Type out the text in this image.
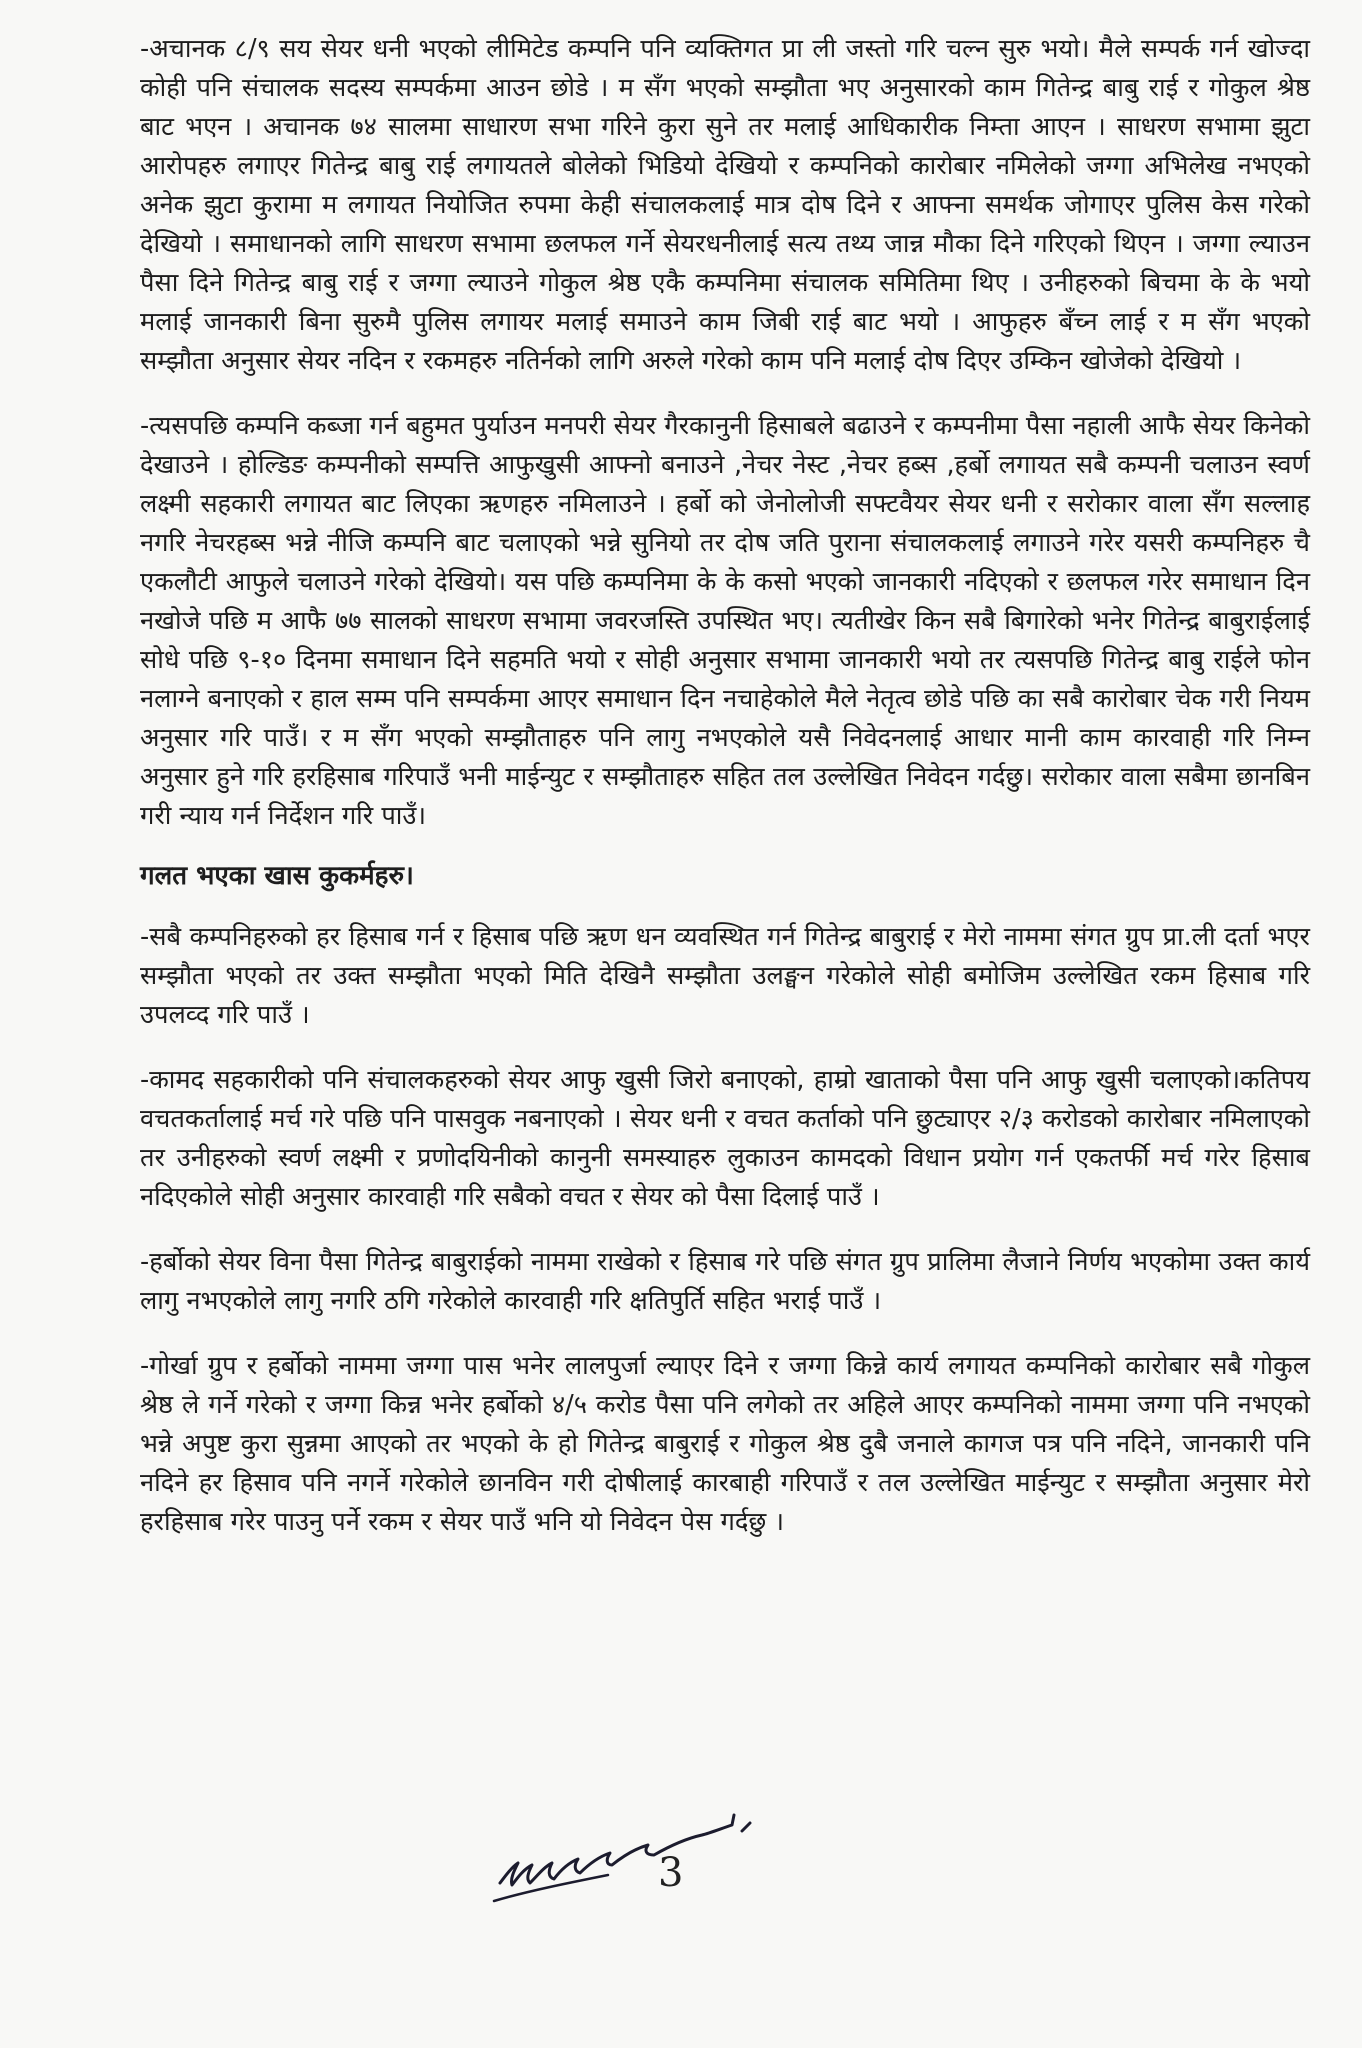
-अचानक ८/९ सय सेयर धनी भएको लीमिटेड कम्पनि पनि व्यक्तिगत प्रा ली जस्तो गरि चल्न सुरु भयो। मैले सम्पर्क गर्न खोज्दा कोही पनि संचालक सदस्य सम्पर्कमा आउन छोडे । म सँग भएको सम्झौता भए अनुसारको काम गितेन्द्र बाबु राई र गोकुल श्रेष्ठ बाट भएन । अचानक ७४ सालमा साधारण सभा गरिने कुरा सुने तर मलाई आधिकारीक निम्ता आएन । साधरण सभामा झुटा आरोपहरु लगाएर गितेन्द्र बाबु राई लगायतले बोलेको भिडियो देखियो र कम्पनिको कारोबार नमिलेको जग्गा अभिलेख नभएको अनेक झुटा कुरामा म लगायत नियोजित रुपमा केही संचालकलाई मात्र दोष दिने र आफ्ना समर्थक जोगाएर पुलिस केस गरेको देखियो । समाधानको लागि साधरण सभामा छलफल गर्ने सेयरधनीलाई सत्य तथ्य जान्न मौका दिने गरिएको थिएन । जग्गा ल्याउन पैसा दिने गितेन्द्र बाबु राई र जग्गा ल्याउने गोकुल श्रेष्ठ एकै कम्पनिमा संचालक समितिमा थिए । उनीहरुको बिचमा के के भयो मलाई जानकारी बिना सुरुमै पुलिस लगायर मलाई समाउने काम जिबी राई बाट भयो । आफुहरु बँच्न लाई र म सँग भएको सम्झौता अनुसार सेयर नदिन र रकमहरु नतिर्नको लागि अरुले गरेको काम पनि मलाई दोष दिएर उम्किन खोजेको देखियो ।

-त्यसपछि कम्पनि कब्जा गर्न बहुमत पुर्याउन मनपरी सेयर गैरकानुनी हिसाबले बढाउने र कम्पनीमा पैसा नहाली आफै सेयर किनेको देखाउने । होल्डिङ कम्पनीको सम्पत्ति आफुखुसी आफ्नो बनाउने ,नेचर नेस्ट ,नेचर हब्स ,हर्बो लगायत सबै कम्पनी चलाउन स्वर्ण लक्ष्मी सहकारी लगायत बाट लिएका ऋणहरु नमिलाउने । हर्बो को जेनोलोजी सफ्टवैयर सेयर धनी र सरोकार वाला सँग सल्लाह नगरि नेचरहब्स भन्ने नीजि कम्पनि बाट चलाएको भन्ने सुनियो तर दोष जति पुराना संचालकलाई लगाउने गरेर यसरी कम्पनिहरु चै एकलौटी आफुले चलाउने गरेको देखियो। यस पछि कम्पनिमा के के कसो भएको जानकारी नदिएको र छलफल गरेर समाधान दिन नखोजे पछि म आफै ७७ सालको साधरण सभामा जवरजस्ति उपस्थित भए। त्यतीखेर किन सबै बिगारेको भनेर गितेन्द्र बाबुराईलाई सोधे पछि ९-१० दिनमा समाधान दिने सहमति भयो र सोही अनुसार सभामा जानकारी भयो तर त्यसपछि गितेन्द्र बाबु राईले फोन नलाग्ने बनाएको र हाल सम्म पनि सम्पर्कमा आएर समाधान दिन नचाहेकोले मैले नेतृत्व छोडे पछि का सबै कारोबार चेक गरी नियम अनुसार गरि पाउँ। र म सँग भएको सम्झौताहरु पनि लागु नभएकोले यसै निवेदनलाई आधार मानी काम कारवाही गरि निम्न अनुसार हुने गरि हरहिसाब गरिपाउँ भनी माईन्युट र सम्झौताहरु सहित तल उल्लेखित निवेदन गर्दछु। सरोकार वाला सबैमा छानबिन गरी न्याय गर्न निर्देशन गरि पाउँ।

गलत भएका खास कुकर्महरु।

-सबै कम्पनिहरुको हर हिसाब गर्न र हिसाब पछि ऋण धन व्यवस्थित गर्न गितेन्द्र बाबुराई र मेरो नाममा संगत ग्रुप प्रा.ली दर्ता भएर सम्झौता भएको तर उक्त सम्झौता भएको मिति देखिनै सम्झौता उलङ्घन गरेकोले सोही बमोजिम उल्लेखित रकम हिसाब गरि उपलव्द गरि पाउँ ।

-कामद सहकारीको पनि संचालकहरुको सेयर आफु खुसी जिरो बनाएको, हाम्रो खाताको पैसा पनि आफु खुसी चलाएको।कतिपय वचतकर्तालाई मर्च गरे पछि पनि पासवुक नबनाएको । सेयर धनी र वचत कर्ताको पनि छुट्याएर २/३ करोडको कारोबार नमिलाएको तर उनीहरुको स्वर्ण लक्ष्मी र प्रणोदयिनीको कानुनी समस्याहरु लुकाउन कामदको विधान प्रयोग गर्न एकतर्फी मर्च गरेर हिसाब नदिएकोले सोही अनुसार कारवाही गरि सबैको वचत र सेयर को पैसा दिलाई पाउँ ।

-हर्बोको सेयर विना पैसा गितेन्द्र बाबुराईको नाममा राखेको र हिसाब गरे पछि संगत ग्रुप प्रालिमा लैजाने निर्णय भएकोमा उक्त कार्य लागु नभएकोले लागु नगरि ठगि गरेकोले कारवाही गरि क्षतिपुर्ति सहित भराई पाउँ ।

-गोर्खा ग्रुप र हर्बोको नाममा जग्गा पास भनेर लालपुर्जा ल्याएर दिने र जग्गा किन्ने कार्य लगायत कम्पनिको कारोबार सबै गोकुल श्रेष्ठ ले गर्ने गरेको र जग्गा किन्न भनेर हर्बोको ४/५ करोड पैसा पनि लगेको तर अहिले आएर कम्पनिको नाममा जग्गा पनि नभएको भन्ने अपुष्ट कुरा सुन्नमा आएको तर भएको के हो गितेन्द्र बाबुराई र गोकुल श्रेष्ठ दुबै जनाले कागज पत्र पनि नदिने, जानकारी पनि नदिने हर हिसाव पनि नगर्ने गरेकोले छानविन गरी दोषीलाई कारबाही गरिपाउँ र तल उल्लेखित माईन्युट र सम्झौता अनुसार मेरो हरहिसाब गरेर पाउनु पर्ने रकम र सेयर पाउँ भनि यो निवेदन पेस गर्दछु ।

3
